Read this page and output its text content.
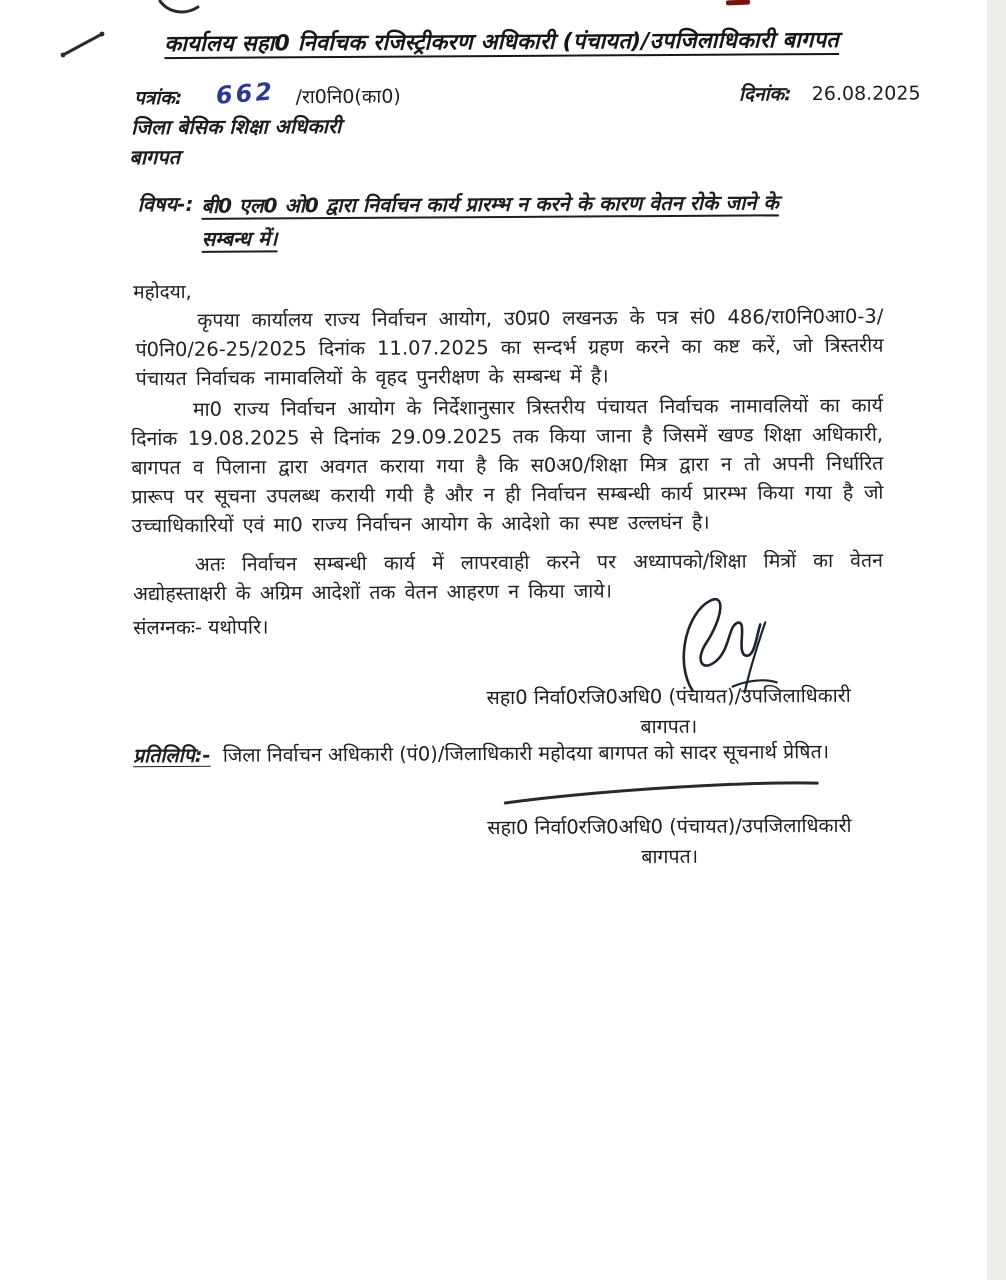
कार्यालय सहा0 निर्वाचक रजिस्ट्रीकरण अधिकारी (पंचायत)/उपजिलाधिकारी बागपत
पत्रांक: 662 /रा0नि0(का0)	दिनांक: 26.08.2025
जिला बेसिक शिक्षा अधिकारी
बागपत
विषय-: बी0 एल0 ओ0 द्वारा निर्वाचन कार्य प्रारम्भ न करने के कारण वेतन रोके जाने के सम्बन्ध में।
महोदया,
कृपया कार्यालय राज्य निर्वाचन आयोग, उ0प्र0 लखनऊ के पत्र सं0 486/रा0नि0आ0-3/पं0नि0/26-25/2025 दिनांक 11.07.2025 का सन्दर्भ ग्रहण करने का कष्ट करें, जो त्रिस्तरीय पंचायत निर्वाचक नामावलियों के वृहद पुनरीक्षण के सम्बन्ध में है।
मा0 राज्य निर्वाचन आयोग के निर्देशानुसार त्रिस्तरीय पंचायत निर्वाचक नामावलियों का कार्य दिनांक 19.08.2025 से दिनांक 29.09.2025 तक किया जाना है जिसमें खण्ड शिक्षा अधिकारी, बागपत व पिलाना द्वारा अवगत कराया गया है कि स0अ0/शिक्षा मित्र द्वारा न तो अपनी निर्धारित प्रारूप पर सूचना उपलब्ध करायी गयी है और न ही निर्वाचन सम्बन्धी कार्य प्रारम्भ किया गया है जो उच्चाधिकारियों एवं मा0 राज्य निर्वाचन आयोग के आदेशो का स्पष्ट उल्लघंन है।
अतः निर्वाचन सम्बन्धी कार्य में लापरवाही करने पर अध्यापको/शिक्षा मित्रों का वेतन अद्योहस्ताक्षरी के अग्रिम आदेशों तक वेतन आहरण न किया जाये।
संलग्नकः- यथोपरि।
सहा0 निर्वा0रजि0अधि0 (पंचायत)/उपजिलाधिकारी
बागपत।
प्रतिलिपि:- जिला निर्वाचन अधिकारी (पं0)/जिलाधिकारी महोदया बागपत को सादर सूचनार्थ प्रेषित।
सहा0 निर्वा0रजि0अधि0 (पंचायत)/उपजिलाधिकारी
बागपत।
